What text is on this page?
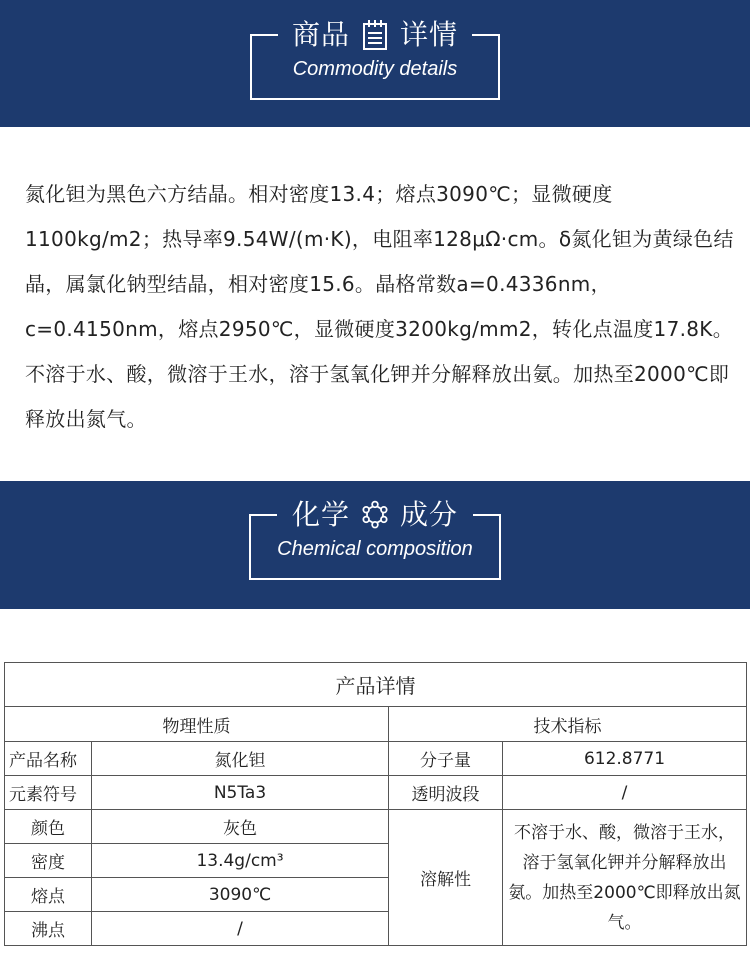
商品 详情
Commodity details
氮化钽为黑色六方结晶。相对密度13.4；熔点3090℃；显微硬度1100kg/m2；热导率9.54W/(m·K)，电阻率128μΩ·cm。δ氮化钽为黄绿色结晶，属氯化钠型结晶，相对密度15.6。晶格常数a=0.4336nm，c=0.4150nm，熔点2950℃，显微硬度3200kg/mm2，转化点温度17.8K。不溶于水、酸，微溶于王水，溶于氢氧化钾并分解释放出氨。加热至2000℃即释放出氮气。
化学 成分
Chemical composition
产品详情			
物理性质		技术指标	
产品名称	氮化钽	分子量	612.8771
元素符号	N5Ta3	透明波段	/
颜色	灰色	溶解性	不溶于水、酸，微溶于王水，溶于氢氧化钾并分解释放出氨。加热至2000℃即释放出氮气。
密度	13.4g/cm³		
熔点	3090℃		
沸点	/		
